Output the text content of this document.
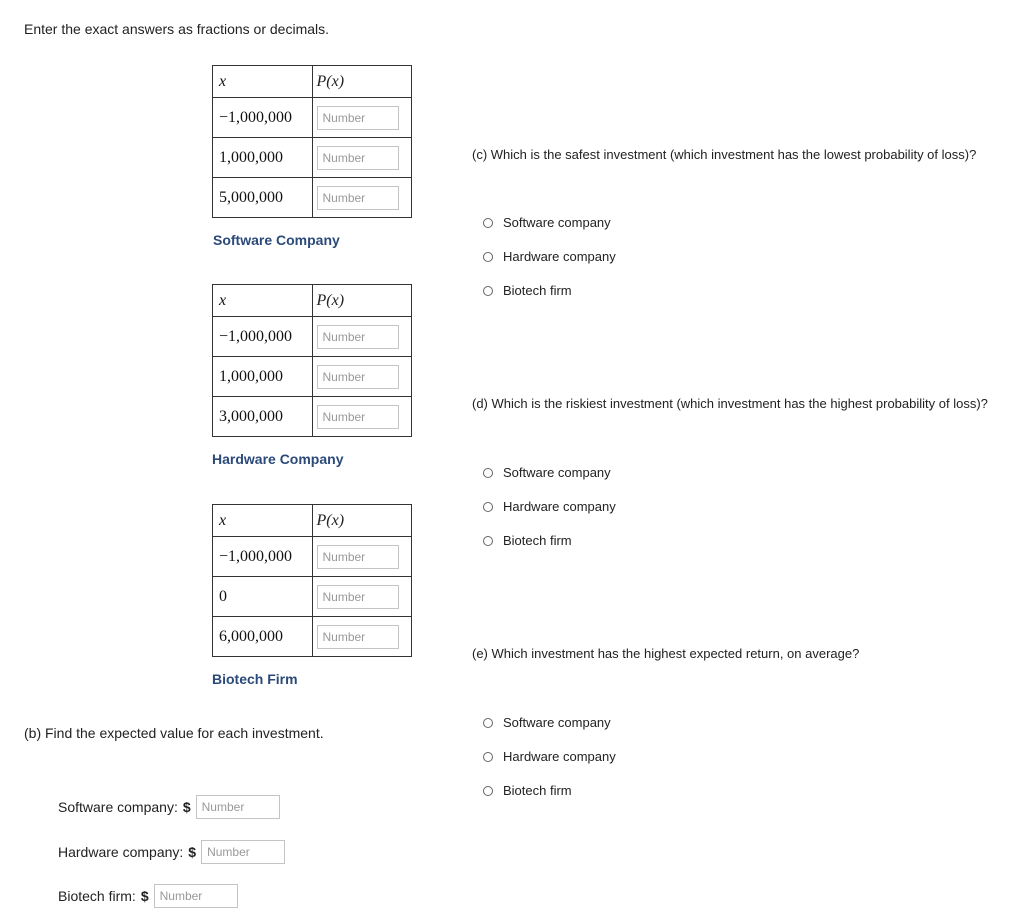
Enter the exact answers as fractions or decimals.
x	P(x)
−1,000,000	Number
1,000,000	Number
5,000,000	Number
Software Company
x	P(x)
−1,000,000	Number
1,000,000	Number
3,000,000	Number
Hardware Company
x	P(x)
−1,000,000	Number
0	Number
6,000,000	Number
Biotech Firm
(b) Find the expected value for each investment.
Software company: $
Number
Hardware company: $
Number
Biotech firm: $
Number
(c) Which is the safest investment (which investment has the lowest probability of loss)?
Software company
Hardware company
Biotech firm
(d) Which is the riskiest investment (which investment has the highest probability of loss)?
Software company
Hardware company
Biotech firm
(e) Which investment has the highest expected return, on average?
Software company
Hardware company
Biotech firm
